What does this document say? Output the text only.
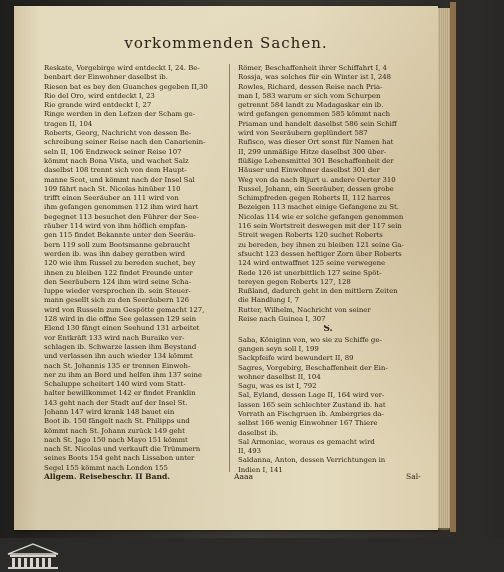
vorkommenden Sachen.
Reskate, Vorgebirge wird entdeckt I, 24. Be-
benbart der Einwohner daselbst ib.
Riesen bat es bey den Guanches gegeben II,30
Rio del Oro, wird entdeckt I, 23
Rio grande wird entdeckt I, 27
Ringe werden in den Lefzen der Scham ge-
tragen II, 104
Roberts, Georg, Nachricht von dessen Be-
schreibung seiner Reise nach den Canarienin-
seln II, 106 Endzweck seiner Reise 107
kömmt nach Bona Vista, und wachet Salz
daselbst 108 trennt sich von dem Haupt-
manne Scot, und kömmt nach der Insel Sal
109 fährt nach St. Nicolas hinüber 110
trifft einen Seeräuber an 111 wird von
ihm gefangen genommen 112 ihm wird hart
begegnet 113 besuchet den Führer der See-
räuber 114 wird von ihm höflich empfan-
gen 115 findet Bekannte unter den Seeräu-
bern 119 soll zum Bootsmanne gebraucht
werden ib. was ihn dabey geratben wird
120 wie ihm Russel zu bereden suchet, bey
ihnen zu bleiben 122 findet Freunde unter
den Seeräubern 124 ihm wird seine Scha-
luppe wieder versprochen ib. sein Steuer-
mann gesellt sich zu den Seeräubern 126
wird von Russeln zum Gespötte gemacht 127,
128 wird in die offne See gelassen 129 sein
Elend 130 fängt einen Seehund 131 arbeitet
vor Entkräft 133 wird nach Buraiko ver-
schlagen ib. Schwarze lassen ihm Beystand
und verlassen ihn auch wieder 134 kömmt
nach St. Johannis 135 er trennen Einwoh-
ner zu ihm an Bord und helfen ihm 137 seine
Schaluppe scheitert 140 wird vom Statt-
halter bewillkommet 142 er findet Franklin
143 geht nach der Stadt auf der Insel St.
Johann 147 wird krank 148 bauet ein
Boot ib. 150 fängelt nach St. Philipps und
kömmt nach St. Johann zurück 149 geht
nach St. Jago 150 nach Mayo 151 kömmt
nach St. Nicolas und verkauft die Trümmern
seines Boots 154 geht nach Lissabon unter
Segel 155 kömmt nach London 155
Römer, Beschaffenheit ihrer Schiffahrt I, 4
Rossja, was solches für ein Winter ist I, 248
Rowles, Richard, dessen Reise nach Pria-
man I, 583 warum er sich vom Schurpen
getrennt 584 landt zu Madagaskar ein ib.
wird gefangen genommen 585 kömmt nach
Priaman und handelt daselbst 586 sein Schiff
wird von Seeräubern geplündert 587
Rufisco, was dieser Ort sonst für Namen hat
II, 299 unmäßige Hitze daselbst 300 über-
flüßige Lebensmittel 301 Beschaffenheit der
Häuser und Einwohner daselbst 301 der
Weg von da nach Bijurt u. andere Oerter 310
Russel, Johann, ein Seeräuber, dessen grobe
Schimpfreden gegen Roberts II, 112 harres
Bezeigen 113 machet einige Gefangene zu St.
Nicolas 114 wie er solche gefangen genommen
116 sein Wortstreit deswegen mit der 117 sein
Streit wegen Roberts 120 suchet Roberts
zu bereden, bey ihnen zu bleiben 121 seine Ga-
sfsucht 123 dessen heftiger Zorn über Roberts
124 wird entwaffnet 125 seine verwegene
Rede 126 ist unerbittlich 127 seine Spöt-
tereyen gegen Roberts 127, 128
Rußland, dadurch geht in den mittlern Zeiten
die Handlung I, 7
Rutter, Wilhelm, Nachricht von seiner
Reise nach Guinea I, 307
S.
Saba, Königinn von, wo sie zu Schiffe ge-
gangen seyn soll I, 199
Sackpfeife wird bewundert II, 89
Sagres, Vorgebirg, Beschaffenheit der Ein-
wohner daselbst II, 104
Sagu, was es ist I, 792
Sal, Eyland, dessen Lage II, 164 wird ver-
lassen 165 sein schlechter Zustand ib. hat
Vorrath an Fischgruen ib. Ambergries da-
selbst 166 wenig Einwohner 167 Thiere
daselbst ib.
Sal Armoniac, woraus es gemacht wird
II, 493
Saldanna, Anton, dessen Verrichtungen in
Indien I, 141
Allgem. Reisebeschr. II Band.	Aaaa	Sal-
